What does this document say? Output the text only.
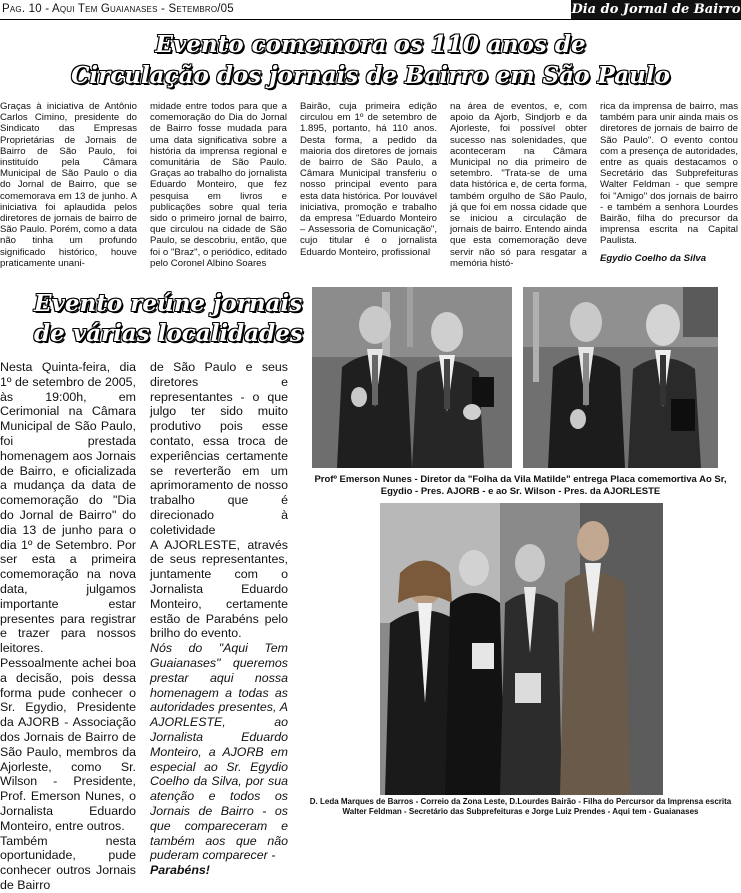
Pag. 10 - Aqui Tem Guaianases - Setembro/05	Dia do Jornal de Bairro
Evento comemora os 110 anos de
Circulação dos jornais de Bairro em São Paulo

Graças à iniciativa de Antônio Carlos Cimino, presidente do Sindicato das Empresas Proprietárias de Jornais de Bairro de São Paulo, foi instituído pela Câmara Municipal de São Paulo o dia do Jornal de Bairro, que se comemorava em 13 de junho. A iniciativa foi aplaudida pelos diretores de jornais de bairro de São Paulo. Porém, como a data não tinha um profundo significado histórico, houve praticamente unani-

midade entre todos para que a comemoração do Dia do Jornal de Bairro fosse mudada para uma data significativa sobre a história da imprensa regional e comunitária de São Paulo. Graças ao trabalho do jornalista Eduardo Monteiro, que fez pesquisa em livros e publicações sobre qual teria sido o primeiro jornal de bairro, que circulou na cidade de São Paulo, se descobriu, então, que foi o "Braz", o periódico, editado pelo Coronel Albino Soares

Bairão, cuja primeira edição circulou em 1º de setembro de 1.895, portanto, há 110 anos. Desta forma, a pedido da maioria dos diretores de jornais de bairro de São Paulo, a Câmara Municipal transferiu o nosso principal evento para esta data histórica. Por louvável iniciativa, promoção e trabalho da empresa "Eduardo Monteiro – Assessoria de Comunicação", cujo titular é o jornalista Eduardo Monteiro, profissional

na área de eventos, e, com apoio da Ajorb, Sindjorb e da Ajorleste, foi possível obter sucesso nas solenidades, que aconteceram na Câmara Municipal no dia primeiro de setembro. "Trata-se de uma data histórica e, de certa forma, também orgulho de São Paulo, já que foi em nossa cidade que se iniciou a circulação de jornais de bairro. Entendo ainda que esta comemoração deve servir não só para resgatar a memória histó-

rica da imprensa de bairro, mas também para unir ainda mais os diretores de jornais de bairro de São Paulo". O evento contou com a presença de autoridades, entre as quais destacamos o Secretário das Subprefeituras Walter Feldman - que sempre foi "Amigo" dos jornais de bairro - e também a senhora Lourdes Bairão, filha do precursor da imprensa escrita na Capital Paulista.

Egydio Coelho da Silva

Evento reúne jornais
de várias localidades

Nesta Quinta-feira, dia 1º de setembro de 2005, às 19:00h, em Cerimonial na Câmara Municipal de São Paulo, foi prestada homenagem aos Jornais de Bairro, e oficializada a mudança da data de comemoração do "Dia do Jornal de Bairro" do dia 13 de junho para o dia 1º de Setembro. Por ser esta a primeira comemoração na nova data, julgamos importante estar presentes para registrar e trazer para nossos leitores.

Pessoalmente achei boa a decisão, pois dessa forma pude conhecer o Sr. Egydio, Presidente da AJORB - Associação dos Jornais de Bairro de São Paulo, membros da Ajorleste, como Sr. Wilson - Presidente, Prof. Emerson Nunes, o Jornalista Eduardo Monteiro, entre outros.

Também nesta oportunidade, pude conhecer outros Jornais de Bairro

de São Paulo e seus diretores e representantes - o que julgo ter sido muito produtivo pois esse contato, essa troca de experiências certamente se reverterão em um aprimoramento de nosso trabalho que é direcionado à coletividade

A AJORLESTE, através de seus representantes, juntamente com o Jornalista Eduardo Monteiro, certamente estão de Parabéns pelo brilho do evento.

Nós do "Aqui Tem Guaianases" queremos prestar aqui nossa homenagem a todas as autoridades presentes, A AJORLESTE, ao Jornalista Eduardo Monteiro, a AJORB em especial ao Sr. Egydio Coelho da Silva, por sua atenção e todos os Jornais de Bairro - os que compareceram e também aos que não puderam comparecer -

Parabéns!

Profº Emerson Nunes - Diretor da "Folha da Vila Matilde" entrega Placa comemortiva Ao Sr, Egydio - Pres. AJORB - e ao Sr. Wilson - Pres. da AJORLESTE
D. Leda Marques de Barros - Correio da Zona Leste, D.Lourdes Bairão - Filha do Percursor da Imprensa escrita Walter Feldman - Secretário das Subprefeituras e Jorge Luiz Prendes - Aqui tem - Guaianases
